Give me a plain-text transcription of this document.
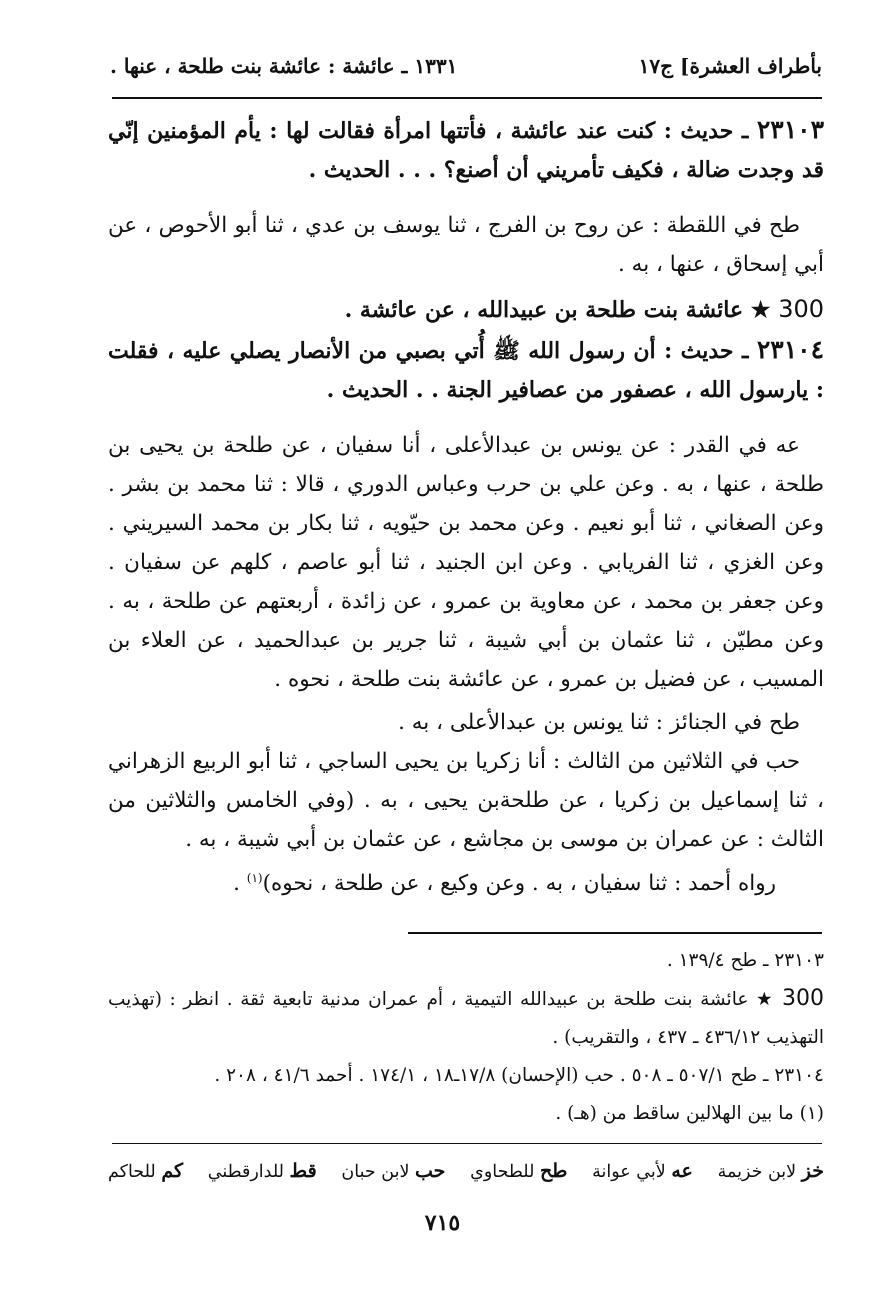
بأطراف العشرة] ج١٧
١٣٣١ ـ عائشة : عائشة بنت طلحة ، عنها .

٢٣١٠٣ ـ حديث : كنت عند عائشة ، فأتتها امرأة فقالت لها : يأم المؤمنين إنّي قد وجدت ضالة ، فكيف تأمريني أن أصنع؟ . . . الحديث .

طح في اللقطة : عن روح بن الفرج ، ثنا يوسف بن عدي ، ثنا أبو الأحوص ، عن أبي إسحاق ، عنها ، به .

300 ★ عائشة بنت طلحة بن عبيدالله ، عن عائشة .

٢٣١٠٤ ـ حديث : أن رسول الله ﷺ أُتي بصبي من الأنصار يصلي عليه ، فقلت : يارسول الله ، عصفور من عصافير الجنة . . الحديث .

عه في القدر : عن يونس بن عبدالأعلى ، أنا سفيان ، عن طلحة بن يحيى بن طلحة ، عنها ، به . وعن علي بن حرب وعباس الدوري ، قالا : ثنا محمد بن بشر . وعن الصغاني ، ثنا أبو نعيم . وعن محمد بن حيّويه ، ثنا بكار بن محمد السيريني . وعن الغزي ، ثنا الفريابي . وعن ابن الجنيد ، ثنا أبو عاصم ، كلهم عن سفيان . وعن جعفر بن محمد ، عن معاوية بن عمرو ، عن زائدة ، أربعتهم عن طلحة ، به . وعن مطيّن ، ثنا عثمان بن أبي شيبة ، ثنا جرير بن عبدالحميد ، عن العلاء بن المسيب ، عن فضيل بن عمرو ، عن عائشة بنت طلحة ، نحوه .

طح في الجنائز : ثنا يونس بن عبدالأعلى ، به .

حب في الثلاثين من الثالث : أنا زكريا بن يحيى الساجي ، ثنا أبو الربيع الزهراني ، ثنا إسماعيل بن زكريا ، عن طلحةبن يحيى ، به . (وفي الخامس والثلاثين من الثالث : عن عمران بن موسى بن مجاشع ، عن عثمان بن أبي شيبة ، به .

رواه أحمد : ثنا سفيان ، به . وعن وكيع ، عن طلحة ، نحوه)$^{(١)}$ .

٢٣١٠٣ ـ طح ١٣٩/٤ .

300 ★ عائشة بنت طلحة بن عبيدالله التيمية ، أم عمران مدنية تابعية ثقة . انظر : (تهذيب التهذيب ٤٣٦/١٢ ـ ٤٣٧ ، والتقريب) .

٢٣١٠٤ ـ طح ٥٠٧/١ ـ ٥٠٨ . حب (الإحسان) ١٧/٨ـ١٨ ، ١٧٤/١ . أحمد ٤١/٦ ، ٢٠٨ .

(١) ما بين الهلالين ساقط من (هـ) .

خز لابن خزيمة عه لأبي عوانة طح للطحاوي حب لابن حبان قط للدارقطني كم للحاكم
٧١٥
